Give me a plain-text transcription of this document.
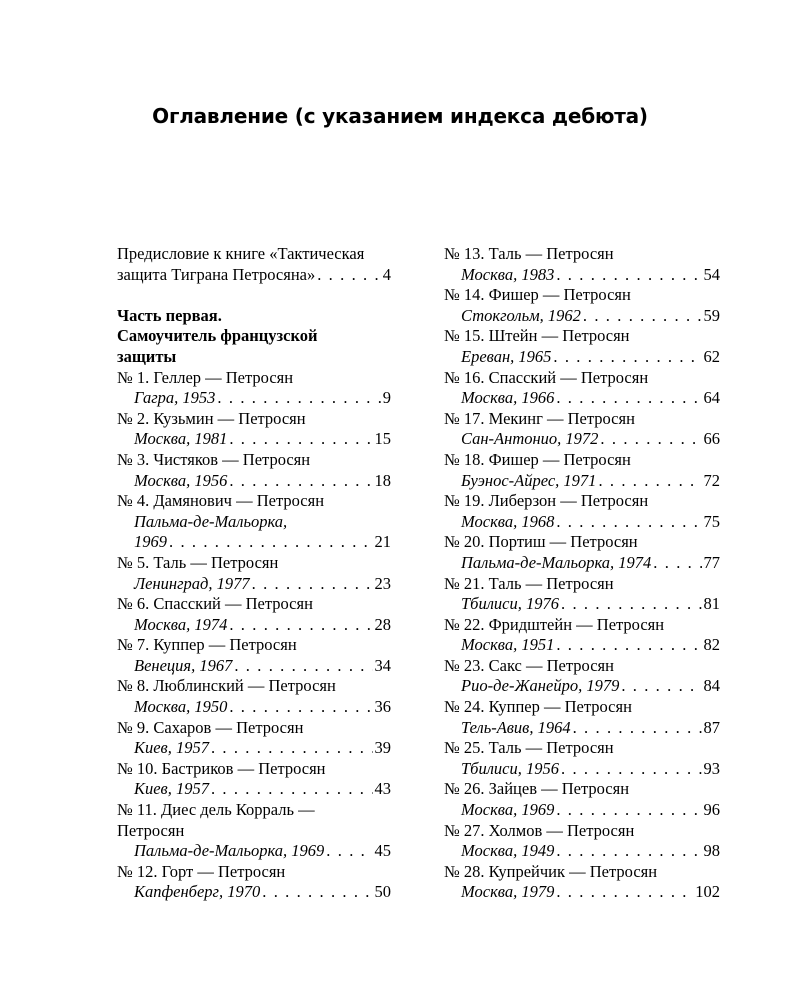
Оглавление (с указанием индекса дебюта)
Предисловие к книге «Тактическая
защита Тиграна Петросяна» . . .	4
Часть первая.
Самоучитель французской
защиты
№ 1. Геллер — Петросян
Гагра, 1953 . . .	9
№ 2. Кузьмин — Петросян
Москва, 1981 . . .	15
№ 3. Чистяков — Петросян
Москва, 1956 . . .	18
№ 4. Дамянович — Петросян
Пальма-де-Мальорка,
1969 . . .	21
№ 5. Таль — Петросян
Ленинград, 1977 . . .	23
№ 6. Спасский — Петросян
Москва, 1974 . . .	28
№ 7. Куппер — Петросян
Венеция, 1967 . . .	34
№ 8. Люблинский — Петросян
Москва, 1950 . . .	36
№ 9. Сахаров — Петросян
Киев, 1957 . . .	39
№ 10. Бастриков — Петросян
Киев, 1957 . . .	43
№ 11. Диес дель Корраль —
Петросян
Пальма-де-Мальорка, 1969 . . .	45
№ 12. Горт — Петросян
Капфенберг, 1970 . . .	50
№ 13. Таль — Петросян
Москва, 1983 . . .	54
№ 14. Фишер — Петросян
Стокгольм, 1962 . . .	59
№ 15. Штейн — Петросян
Ереван, 1965 . . .	62
№ 16. Спасский — Петросян
Москва, 1966 . . .	64
№ 17. Мекинг — Петросян
Сан-Антонио, 1972 . . .	66
№ 18. Фишер — Петросян
Буэнос-Айрес, 1971 . . .	72
№ 19. Либерзон — Петросян
Москва, 1968 . . .	75
№ 20. Портиш — Петросян
Пальма-де-Мальорка, 1974 . . .	77
№ 21. Таль — Петросян
Тбилиси, 1976 . . .	81
№ 22. Фридштейн — Петросян
Москва, 1951 . . .	82
№ 23. Сакс — Петросян
Рио-де-Жанейро, 1979 . . .	84
№ 24. Куппер — Петросян
Тель-Авив, 1964 . . .	87
№ 25. Таль — Петросян
Тбилиси, 1956 . . .	93
№ 26. Зайцев — Петросян
Москва, 1969 . . .	96
№ 27. Холмов — Петросян
Москва, 1949 . . .	98
№ 28. Купрейчик — Петросян
Москва, 1979 . . .	102
